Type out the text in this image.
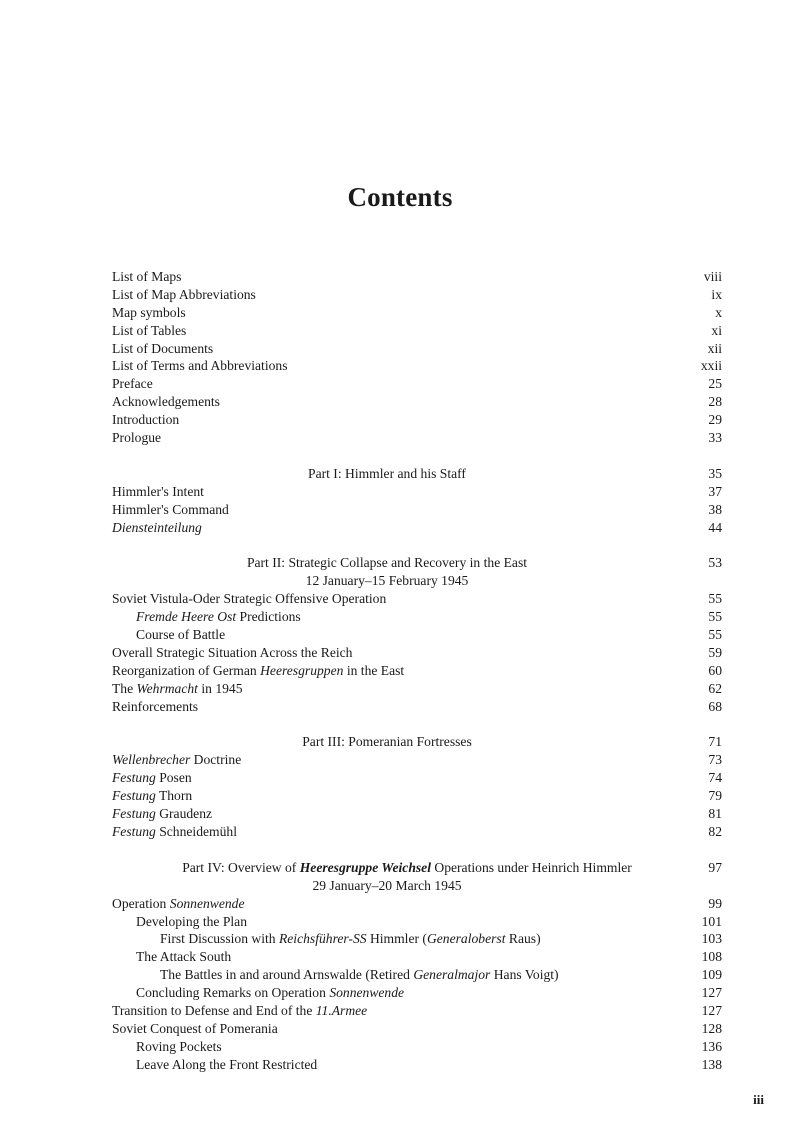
Contents
List of Maps	viii
List of Map Abbreviations	ix
Map symbols	x
List of Tables	xi
List of Documents	xii
List of Terms and Abbreviations	xxii
Preface	25
Acknowledgements	28
Introduction	29
Prologue	33
Part I: Himmler and his Staff	35
Himmler's Intent	37
Himmler's Command	38
Diensteinteilung	44
Part II: Strategic Collapse and Recovery in the East	53
12 January–15 February 1945
Soviet Vistula-Oder Strategic Offensive Operation	55
Fremde Heere Ost Predictions	55
Course of Battle	55
Overall Strategic Situation Across the Reich	59
Reorganization of German Heeresgruppen in the East	60
The Wehrmacht in 1945	62
Reinforcements	68
Part III: Pomeranian Fortresses	71
Wellenbrecher Doctrine	73
Festung Posen	74
Festung Thorn	79
Festung Graudenz	81
Festung Schneidemühl	82
Part IV: Overview of Heeresgruppe Weichsel Operations under Heinrich Himmler	97
29 January–20 March 1945
Operation Sonnenwende	99
Developing the Plan	101
First Discussion with Reichsführer-SS Himmler (Generaloberst Raus)	103
The Attack South	108
The Battles in and around Arnswalde (Retired Generalmajor Hans Voigt)	109
Concluding Remarks on Operation Sonnenwende	127
Transition to Defense and End of the 11.Armee	127
Soviet Conquest of Pomerania	128
Roving Pockets	136
Leave Along the Front Restricted	138
iii
